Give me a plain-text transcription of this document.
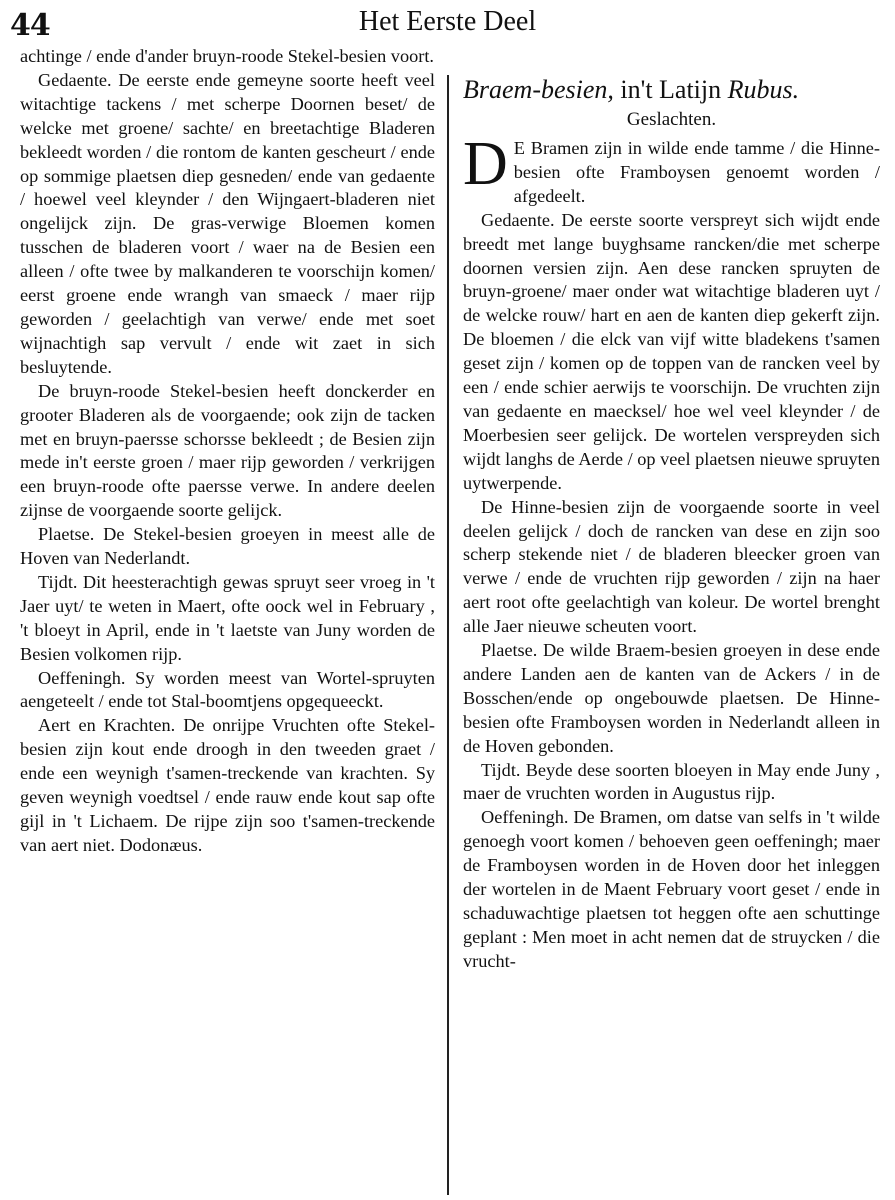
44	Het Eerste Deel

achtinge / ende d'ander bruyn-roode Stekel-besien voort.

Gedaente. De eerste ende gemeyne soorte heeft veel witachtige tackens / met scherpe Doornen beset/ de welcke met groene/ sachte/ en breetachtige Bladeren bekleedt worden / die rontom de kanten gescheurt / ende op sommige plaetsen diep gesneden/ ende van gedaente / hoewel veel kleynder / den Wijngaert-bladeren niet ongelijck zijn. De gras-verwige Bloemen komen tusschen de bladeren voort / waer na de Besien een alleen / ofte twee by malkanderen te voorschijn komen/ eerst groene ende wrangh van smaeck / maer rijp geworden / geelachtigh van verwe/ ende met soet wijnachtigh sap vervult / ende wit zaet in sich besluytende.

De bruyn-roode Stekel-besien heeft donckerder en grooter Bladeren als de voorgaende; ook zijn de tacken met en bruyn-paersse schorsse bekleedt ; de Besien zijn mede in't eerste groen / maer rijp geworden / verkrijgen een bruyn-roode ofte paersse verwe. In andere deelen zijnse de voorgaende soorte gelijck.

Plaetse. De Stekel-besien groeyen in meest alle de Hoven van Nederlandt.

Tijdt. Dit heesterachtigh gewas spruyt seer vroeg in 't Jaer uyt/ te weten in Maert, ofte oock wel in February , 't bloeyt in April, ende in 't laetste van Juny worden de Besien volkomen rijp.

Oeffeningh. Sy worden meest van Wortel-spruyten aengeteelt / ende tot Stal-boomtjens opgequeeckt.

Aert en Krachten. De onrijpe Vruchten ofte Stekel-besien zijn kout ende droogh in den tweeden graet / ende een weynigh t'samen-treckende van krachten. Sy geven weynigh voedtsel / ende rauw ende kout sap ofte gijl in 't Lichaem. De rijpe zijn soo t'samen-treckende van aert niet. Dodonæus.

Braem-besien, in't Latijn Rubus.
Geslachten.

D E Bramen zijn in wilde ende tamme / die Hinne-besien ofte Framboysen genoemt worden / afgedeelt.

Gedaente. De eerste soorte verspreyt sich wijdt ende breedt met lange buyghsame rancken/die met scherpe doornen versien zijn. Aen dese rancken spruyten de bruyn-groene/ maer onder wat witachtige bladeren uyt / de welcke rouw/ hart en aen de kanten diep gekerft zijn. De bloemen / die elck van vijf witte bladekens t'samen geset zijn / komen op de toppen van de rancken veel by een / ende schier aerwijs te voorschijn. De vruchten zijn van gedaente en maecksel/ hoe wel veel kleynder / de Moerbesien seer gelijck. De wortelen verspreyden sich wijdt langhs de Aerde / op veel plaetsen nieuwe spruyten uytwerpende.

De Hinne-besien zijn de voorgaende soorte in veel deelen gelijck / doch de rancken van dese en zijn soo scherp stekende niet / de bladeren bleecker groen van verwe / ende de vruchten rijp geworden / zijn na haer aert root ofte geelachtigh van koleur. De wortel brenght alle Jaer nieuwe scheuten voort.

Plaetse. De wilde Braem-besien groeyen in dese ende andere Landen aen de kanten van de Ackers / in de Bosschen/ende op ongebouwde plaetsen. De Hinne-besien ofte Framboysen worden in Nederlandt alleen in de Hoven gebonden.

Tijdt. Beyde dese soorten bloeyen in May ende Juny , maer de vruchten worden in Augustus rijp.

Oeffeningh. De Bramen, om datse van selfs in 't wilde genoegh voort komen / behoeven geen oeffeningh; maer de Framboysen worden in de Hoven door het inleggen der wortelen in de Maent February voort geset / ende in schaduwachtige plaetsen tot heggen ofte aen schuttinge geplant : Men moet in acht nemen dat de struycken / die vrucht-
